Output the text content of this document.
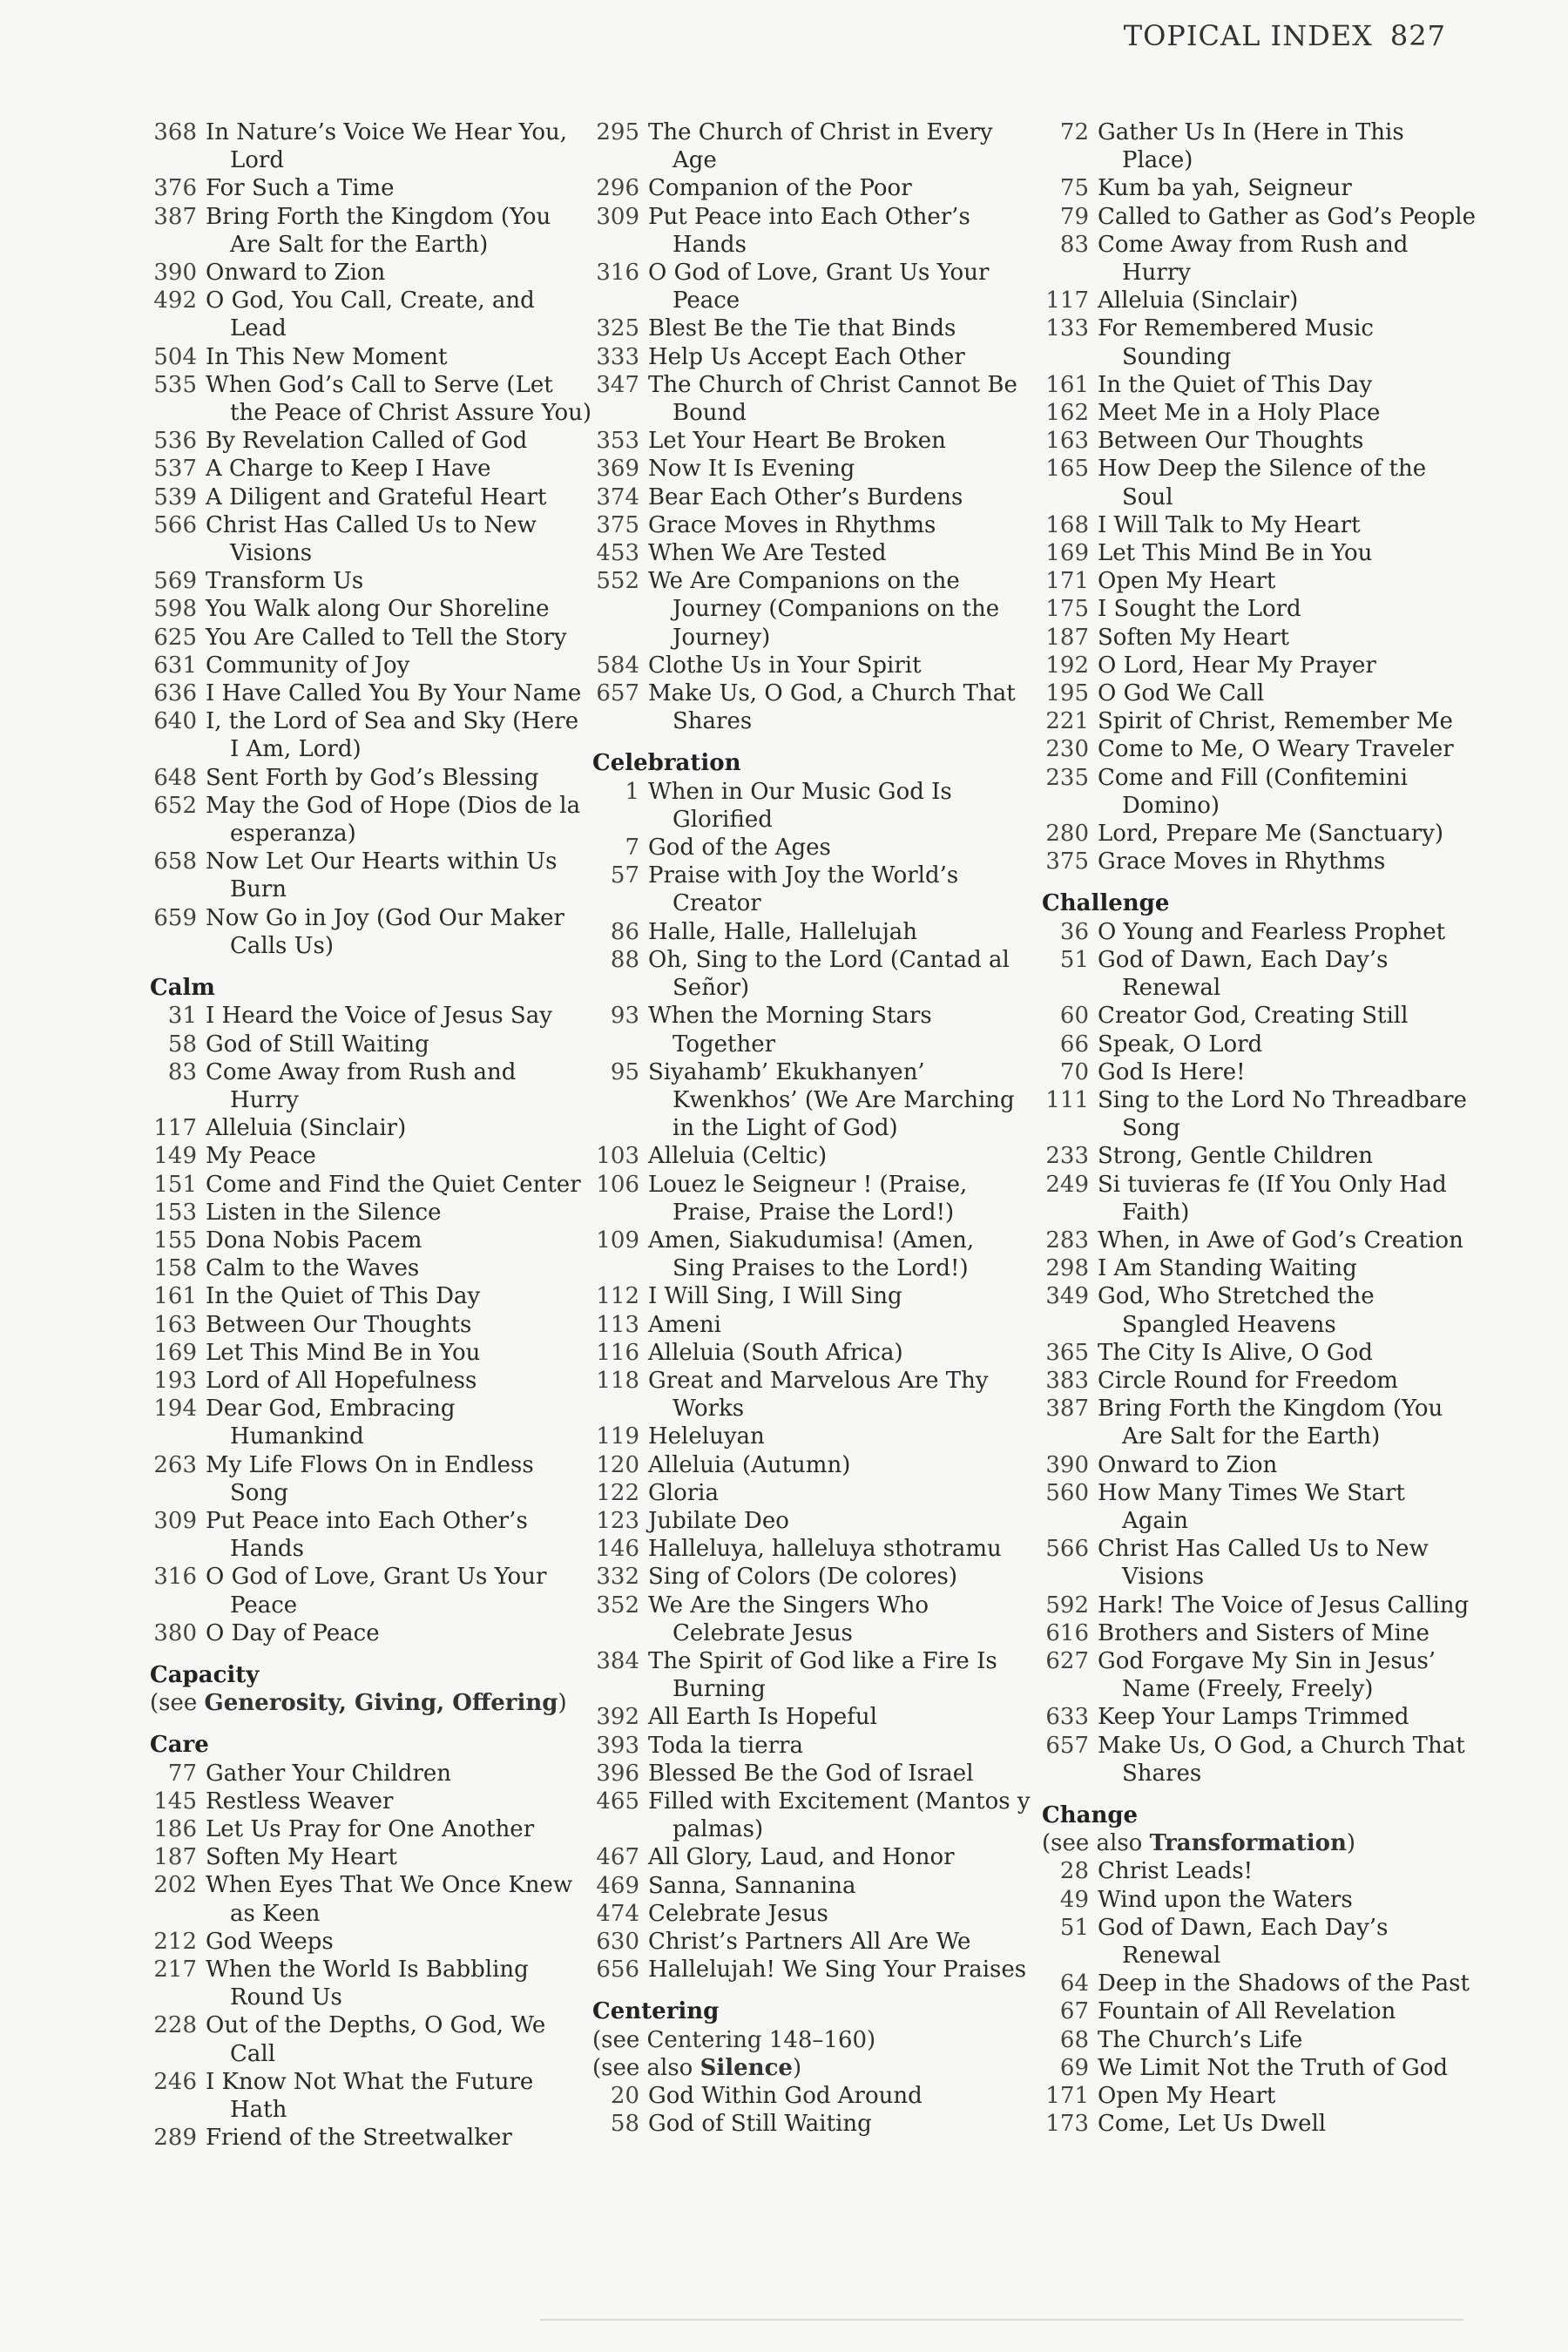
TOPICAL INDEX 827
368 In Nature’s Voice We Hear You,
Lord
376 For Such a Time
387 Bring Forth the Kingdom (You
Are Salt for the Earth)
390 Onward to Zion
492 O God, You Call, Create, and
Lead
504 In This New Moment
535 When God’s Call to Serve (Let
the Peace of Christ Assure You)
536 By Revelation Called of God
537 A Charge to Keep I Have
539 A Diligent and Grateful Heart
566 Christ Has Called Us to New
Visions
569 Transform Us
598 You Walk along Our Shoreline
625 You Are Called to Tell the Story
631 Community of Joy
636 I Have Called You By Your Name
640 I, the Lord of Sea and Sky (Here
I Am, Lord)
648 Sent Forth by God’s Blessing
652 May the God of Hope (Dios de la
esperanza)
658 Now Let Our Hearts within Us
Burn
659 Now Go in Joy (God Our Maker
Calls Us)
Calm
31 I Heard the Voice of Jesus Say
58 God of Still Waiting
83 Come Away from Rush and
Hurry
117 Alleluia (Sinclair)
149 My Peace
151 Come and Find the Quiet Center
153 Listen in the Silence
155 Dona Nobis Pacem
158 Calm to the Waves
161 In the Quiet of This Day
163 Between Our Thoughts
169 Let This Mind Be in You
193 Lord of All Hopefulness
194 Dear God, Embracing
Humankind
263 My Life Flows On in Endless
Song
309 Put Peace into Each Other’s
Hands
316 O God of Love, Grant Us Your
Peace
380 O Day of Peace
Capacity
(see Generosity, Giving, Offering)
Care
77 Gather Your Children
145 Restless Weaver
186 Let Us Pray for One Another
187 Soften My Heart
202 When Eyes That We Once Knew
as Keen
212 God Weeps
217 When the World Is Babbling
Round Us
228 Out of the Depths, O God, We
Call
246 I Know Not What the Future
Hath
289 Friend of the Streetwalker
295 The Church of Christ in Every
Age
296 Companion of the Poor
309 Put Peace into Each Other’s
Hands
316 O God of Love, Grant Us Your
Peace
325 Blest Be the Tie that Binds
333 Help Us Accept Each Other
347 The Church of Christ Cannot Be
Bound
353 Let Your Heart Be Broken
369 Now It Is Evening
374 Bear Each Other’s Burdens
375 Grace Moves in Rhythms
453 When We Are Tested
552 We Are Companions on the
Journey (Companions on the
Journey)
584 Clothe Us in Your Spirit
657 Make Us, O God, a Church That
Shares
Celebration
1 When in Our Music God Is
Glorified
7 God of the Ages
57 Praise with Joy the World’s
Creator
86 Halle, Halle, Hallelujah
88 Oh, Sing to the Lord (Cantad al
Señor)
93 When the Morning Stars
Together
95 Siyahamb’ Ekukhanyen’
Kwenkhos’ (We Are Marching
in the Light of God)
103 Alleluia (Celtic)
106 Louez le Seigneur ! (Praise,
Praise, Praise the Lord!)
109 Amen, Siakudumisa! (Amen,
Sing Praises to the Lord!)
112 I Will Sing, I Will Sing
113 Ameni
116 Alleluia (South Africa)
118 Great and Marvelous Are Thy
Works
119 Heleluyan
120 Alleluia (Autumn)
122 Gloria
123 Jubilate Deo
146 Halleluya, halleluya sthotramu
332 Sing of Colors (De colores)
352 We Are the Singers Who
Celebrate Jesus
384 The Spirit of God like a Fire Is
Burning
392 All Earth Is Hopeful
393 Toda la tierra
396 Blessed Be the God of Israel
465 Filled with Excitement (Mantos y
palmas)
467 All Glory, Laud, and Honor
469 Sanna, Sannanina
474 Celebrate Jesus
630 Christ’s Partners All Are We
656 Hallelujah! We Sing Your Praises
Centering
(see Centering 148–160)
(see also Silence)
20 God Within God Around
58 God of Still Waiting
72 Gather Us In (Here in This
Place)
75 Kum ba yah, Seigneur
79 Called to Gather as God’s People
83 Come Away from Rush and
Hurry
117 Alleluia (Sinclair)
133 For Remembered Music
Sounding
161 In the Quiet of This Day
162 Meet Me in a Holy Place
163 Between Our Thoughts
165 How Deep the Silence of the
Soul
168 I Will Talk to My Heart
169 Let This Mind Be in You
171 Open My Heart
175 I Sought the Lord
187 Soften My Heart
192 O Lord, Hear My Prayer
195 O God We Call
221 Spirit of Christ, Remember Me
230 Come to Me, O Weary Traveler
235 Come and Fill (Confitemini
Domino)
280 Lord, Prepare Me (Sanctuary)
375 Grace Moves in Rhythms
Challenge
36 O Young and Fearless Prophet
51 God of Dawn, Each Day’s
Renewal
60 Creator God, Creating Still
66 Speak, O Lord
70 God Is Here!
111 Sing to the Lord No Threadbare
Song
233 Strong, Gentle Children
249 Si tuvieras fe (If You Only Had
Faith)
283 When, in Awe of God’s Creation
298 I Am Standing Waiting
349 God, Who Stretched the
Spangled Heavens
365 The City Is Alive, O God
383 Circle Round for Freedom
387 Bring Forth the Kingdom (You
Are Salt for the Earth)
390 Onward to Zion
560 How Many Times We Start
Again
566 Christ Has Called Us to New
Visions
592 Hark! The Voice of Jesus Calling
616 Brothers and Sisters of Mine
627 God Forgave My Sin in Jesus’
Name (Freely, Freely)
633 Keep Your Lamps Trimmed
657 Make Us, O God, a Church That
Shares
Change
(see also Transformation)
28 Christ Leads!
49 Wind upon the Waters
51 God of Dawn, Each Day’s
Renewal
64 Deep in the Shadows of the Past
67 Fountain of All Revelation
68 The Church’s Life
69 We Limit Not the Truth of God
171 Open My Heart
173 Come, Let Us Dwell
